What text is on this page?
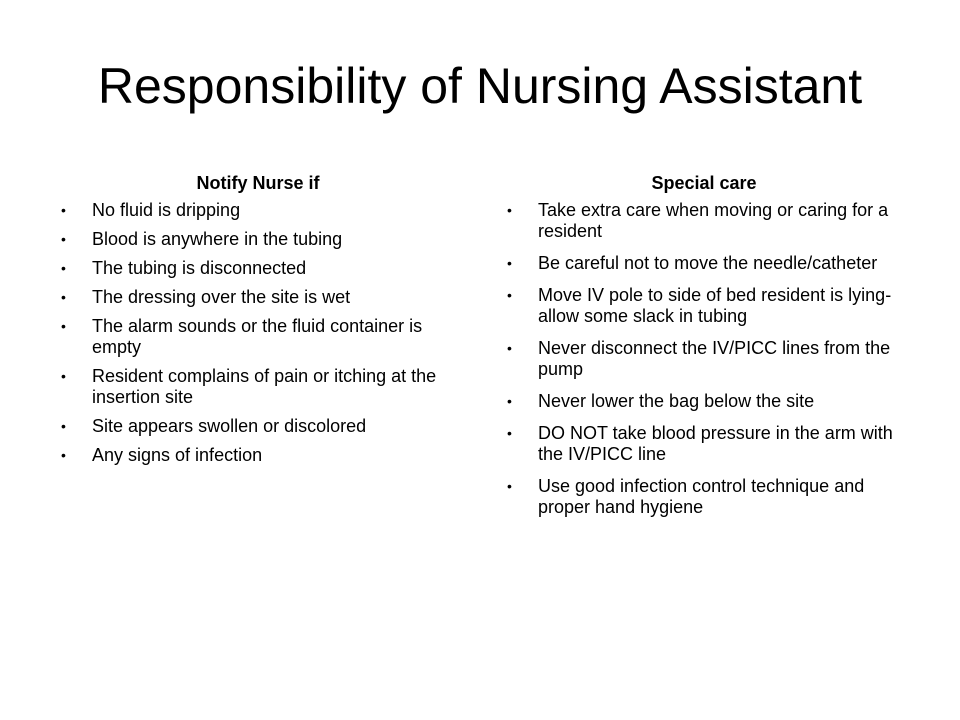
Responsibility of Nursing Assistant
Notify Nurse if
• No fluid is dripping
• Blood is anywhere in the tubing
• The tubing is disconnected
• The dressing over the site is wet
• The alarm sounds or the fluid container is empty
• Resident complains of pain or itching at the insertion site
• Site appears swollen or discolored
• Any signs of infection
Special care
• Take extra care when moving or caring for a resident
• Be careful not to move the needle/catheter
• Move IV pole to side of bed resident is lying- allow some slack in tubing
• Never disconnect the IV/PICC lines from the pump
• Never lower the bag below the site
• DO NOT take blood pressure in the arm with the IV/PICC line
• Use good infection control technique and proper hand hygiene
